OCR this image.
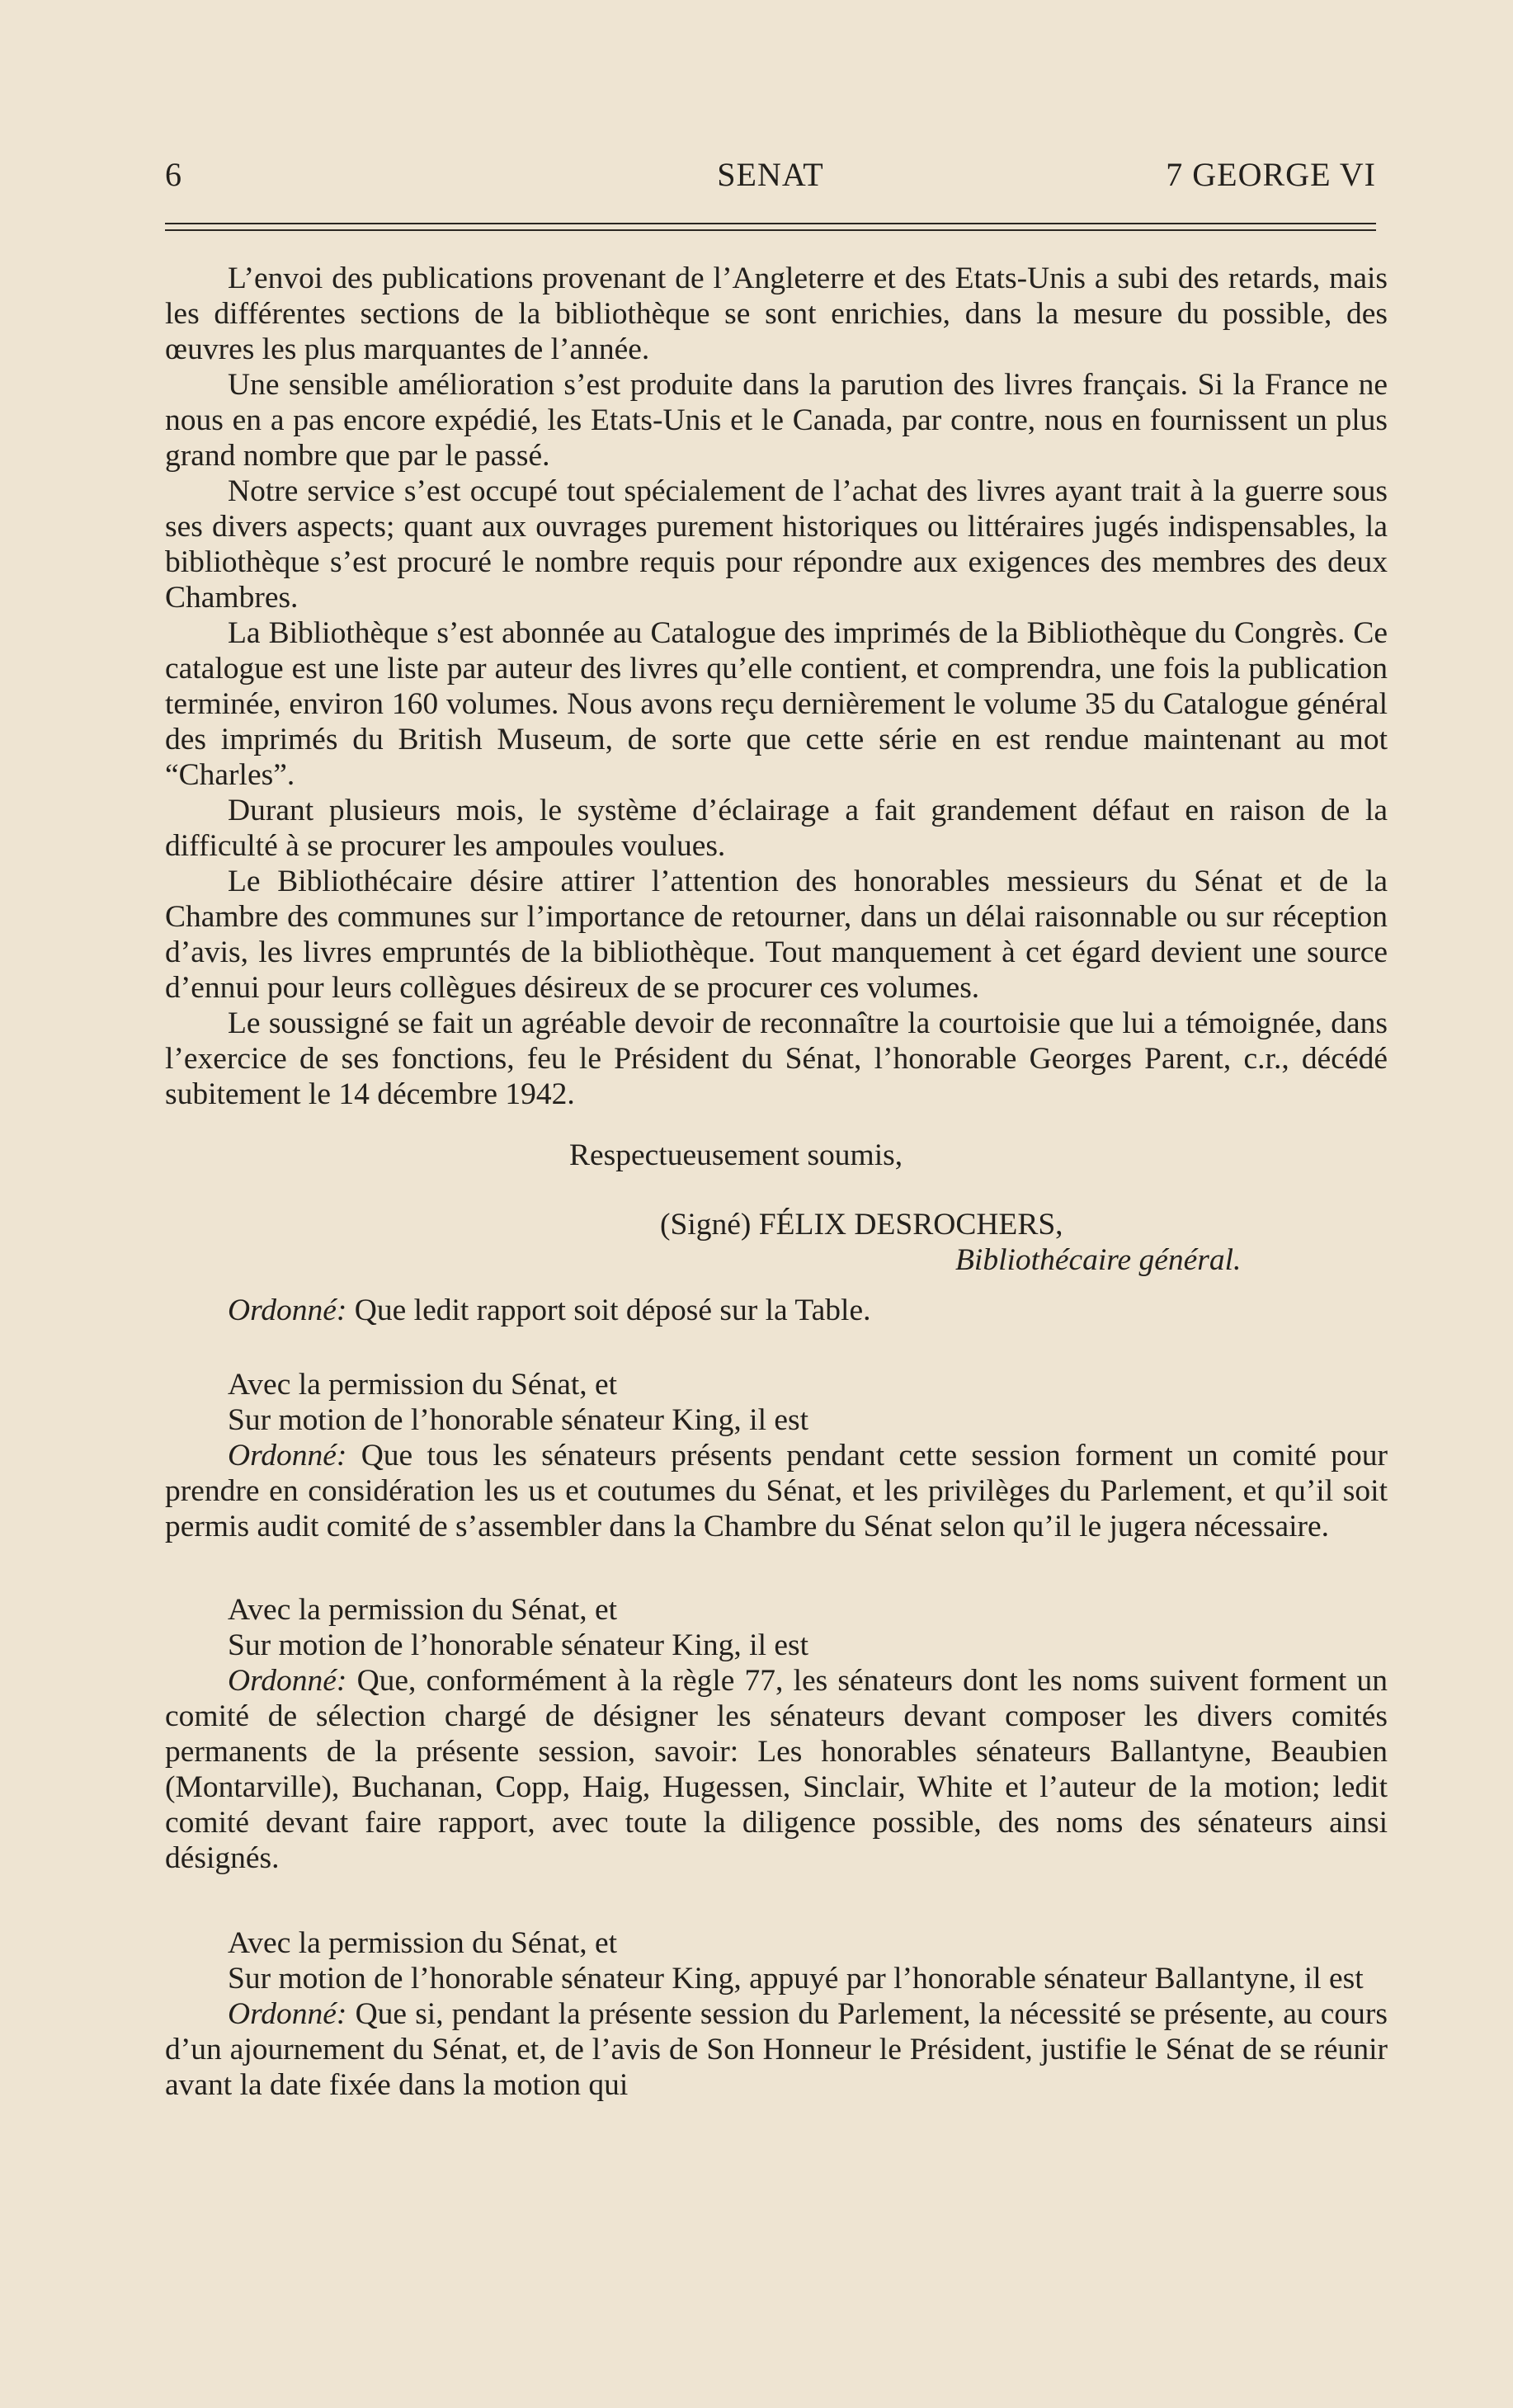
6	SENAT	7 GEORGE VI

L’envoi des publications provenant de l’Angleterre et des Etats-Unis a subi des retards, mais les différentes sections de la bibliothèque se sont enrichies, dans la mesure du possible, des œuvres les plus marquantes de l’année.

Une sensible amélioration s’est produite dans la parution des livres français. Si la France ne nous en a pas encore expédié, les Etats-Unis et le Canada, par contre, nous en fournissent un plus grand nombre que par le passé.

Notre service s’est occupé tout spécialement de l’achat des livres ayant trait à la guerre sous ses divers aspects; quant aux ouvrages purement historiques ou littéraires jugés indispensables, la bibliothèque s’est procuré le nombre requis pour répondre aux exigences des membres des deux Chambres.

La Bibliothèque s’est abonnée au Catalogue des imprimés de la Bibliothèque du Congrès. Ce catalogue est une liste par auteur des livres qu’elle contient, et comprendra, une fois la publication terminée, environ 160 volumes. Nous avons reçu dernièrement le volume 35 du Catalogue général des imprimés du British Museum, de sorte que cette série en est rendue maintenant au mot “Charles”.

Durant plusieurs mois, le système d’éclairage a fait grandement défaut en raison de la difficulté à se procurer les ampoules voulues.

Le Bibliothécaire désire attirer l’attention des honorables messieurs du Sénat et de la Chambre des communes sur l’importance de retourner, dans un délai raisonnable ou sur réception d’avis, les livres empruntés de la bibliothèque. Tout manquement à cet égard devient une source d’ennui pour leurs collègues désireux de se procurer ces volumes.

Le soussigné se fait un agréable devoir de reconnaître la courtoisie que lui a témoignée, dans l’exercice de ses fonctions, feu le Président du Sénat, l’honorable Georges Parent, c.r., décédé subitement le 14 décembre 1942.

Respectueusement soumis,
(Signé) FÉLIX DESROCHERS,
Bibliothécaire général.

Ordonné: Que ledit rapport soit déposé sur la Table.

Avec la permission du Sénat, et

Sur motion de l’honorable sénateur King, il est

Ordonné: Que tous les sénateurs présents pendant cette session forment un comité pour prendre en considération les us et coutumes du Sénat, et les privilèges du Parlement, et qu’il soit permis audit comité de s’assembler dans la Chambre du Sénat selon qu’il le jugera nécessaire.

Avec la permission du Sénat, et

Sur motion de l’honorable sénateur King, il est

Ordonné: Que, conformément à la règle 77, les sénateurs dont les noms suivent forment un comité de sélection chargé de désigner les sénateurs devant composer les divers comités permanents de la présente session, savoir: Les honorables sénateurs Ballantyne, Beaubien (Montarville), Buchanan, Copp, Haig, Hugessen, Sinclair, White et l’auteur de la motion; ledit comité devant faire rapport, avec toute la diligence possible, des noms des sénateurs ainsi désignés.

Avec la permission du Sénat, et

Sur motion de l’honorable sénateur King, appuyé par l’honorable sénateur Ballantyne, il est

Ordonné: Que si, pendant la présente session du Parlement, la nécessité se présente, au cours d’un ajournement du Sénat, et, de l’avis de Son Honneur le Président, justifie le Sénat de se réunir avant la date fixée dans la motion qui
